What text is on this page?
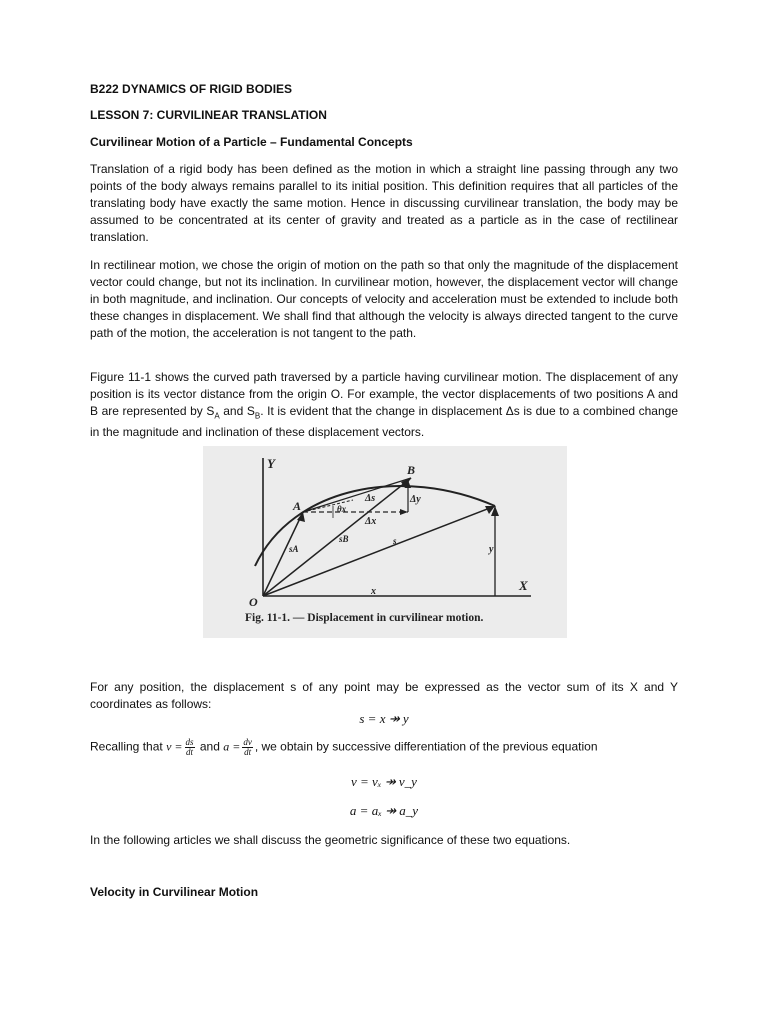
B222 DYNAMICS OF RIGID BODIES

LESSON 7: CURVILINEAR TRANSLATION

Curvilinear Motion of a Particle – Fundamental Concepts

Translation of a rigid body has been defined as the motion in which a straight line passing through any two points of the body always remains parallel to its initial position. This definition requires that all particles of the translating body have exactly the same motion. Hence in discussing curvilinear translation, the body may be assumed to be concentrated at its center of gravity and treated as a particle as in the case of rectilinear translation.

In rectilinear motion, we chose the origin of motion on the path so that only the magnitude of the displacement vector could change, but not its inclination. In curvilinear motion, however, the displacement vector will change in both magnitude, and inclination. Our concepts of velocity and acceleration must be extended to include both these changes in displacement. We shall find that although the velocity is always directed tangent to the curve path of the motion, the acceleration is not tangent to the path.

Figure 11-1 shows the curved path traversed by a particle having curvilinear motion. The displacement of any position is its vector distance from the origin O. For example, the vector displacements of two positions A and B are represented by $S_A$ and $S_B$. It is evident that the change in displacement Δs is due to a combined change in the magnitude and inclination of these displacement vectors.

Y
X
O
A
B
θx
Δs	Δy
Δx
sA
sB	s
y
x
Fig. 11-1. — Displacement in curvilinear motion.

For any position, the displacement s of any point may be expressed as the vector sum of its X and Y coordinates as follows:

s = x ↠ y

Recalling that $v = \frac{ds}{dt}$ and $a = \frac{dv}{dt}$ , we obtain by successive differentiation of the previous equation

v = vₓ ↠ v_y
a = aₓ ↠ a_y

In the following articles we shall discuss the geometric significance of these two equations.

Velocity in Curvilinear Motion
